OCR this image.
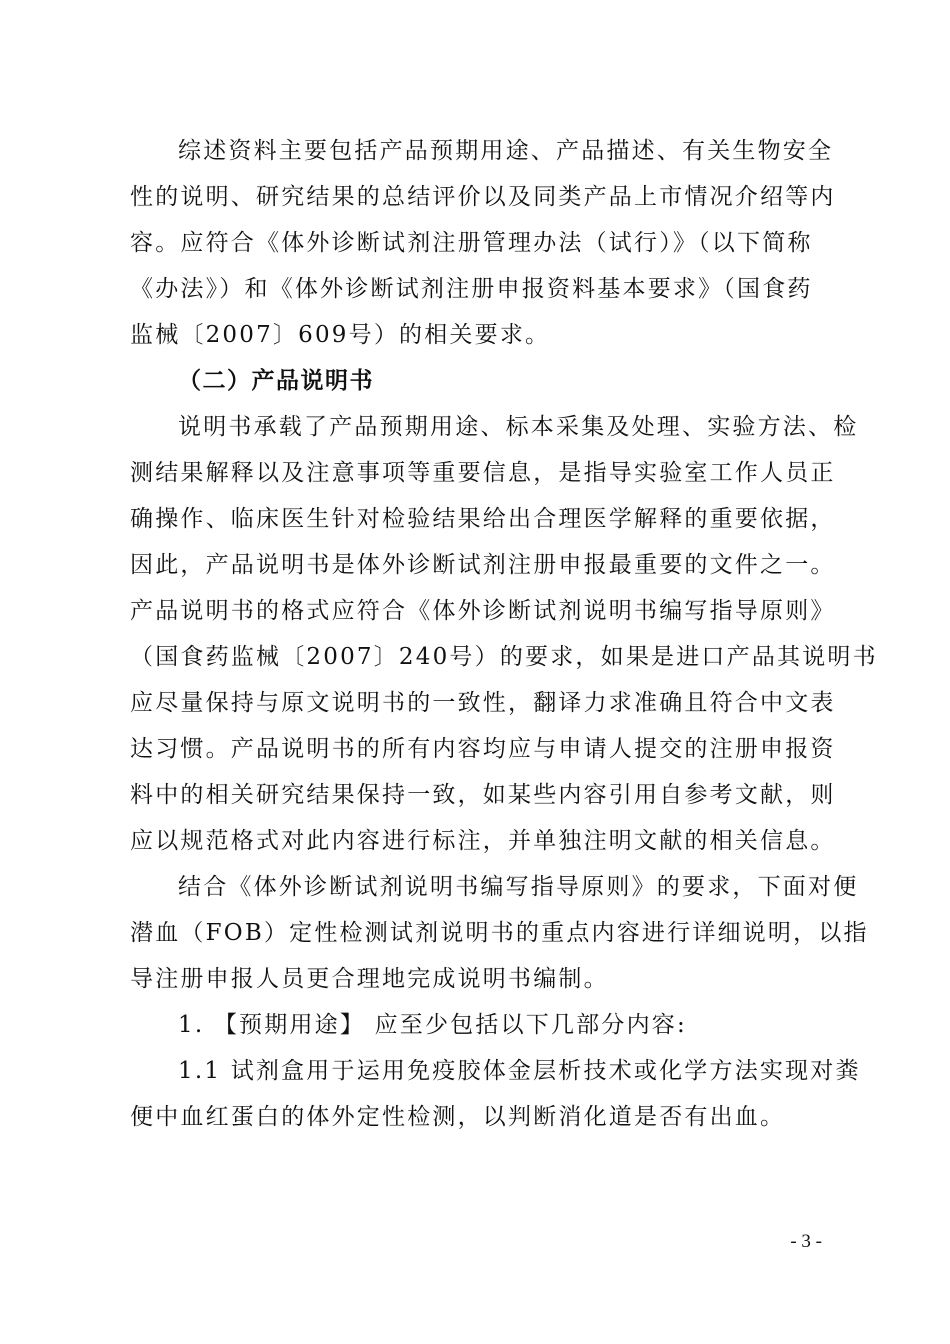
综述资料主要包括产品预期用途、产品描述、有关生物安全
性的说明、研究结果的总结评价以及同类产品上市情况介绍等内
容。应符合《体外诊断试剂注册管理办法（试行）》（以下简称
《办法》）和《体外诊断试剂注册申报资料基本要求》（国食药
监械〔2007〕609号）的相关要求。
（二）产品说明书
说明书承载了产品预期用途、标本采集及处理、实验方法、检
测结果解释以及注意事项等重要信息，是指导实验室工作人员正
确操作、临床医生针对检验结果给出合理医学解释的重要依据，
因此，产品说明书是体外诊断试剂注册申报最重要的文件之一。
产品说明书的格式应符合《体外诊断试剂说明书编写指导原则》
（国食药监械〔2007〕240号）的要求，如果是进口产品其说明书
应尽量保持与原文说明书的一致性，翻译力求准确且符合中文表
达习惯。产品说明书的所有内容均应与申请人提交的注册申报资
料中的相关研究结果保持一致，如某些内容引用自参考文献，则
应以规范格式对此内容进行标注，并单独注明文献的相关信息。
结合《体外诊断试剂说明书编写指导原则》的要求，下面对便
潜血（FOB）定性检测试剂说明书的重点内容进行详细说明，以指
导注册申报人员更合理地完成说明书编制。
1. 【预期用途】 应至少包括以下几部分内容:
1.1 试剂盒用于运用免疫胶体金层析技术或化学方法实现对粪
便中血红蛋白的体外定性检测，以判断消化道是否有出血。
- 3 -
